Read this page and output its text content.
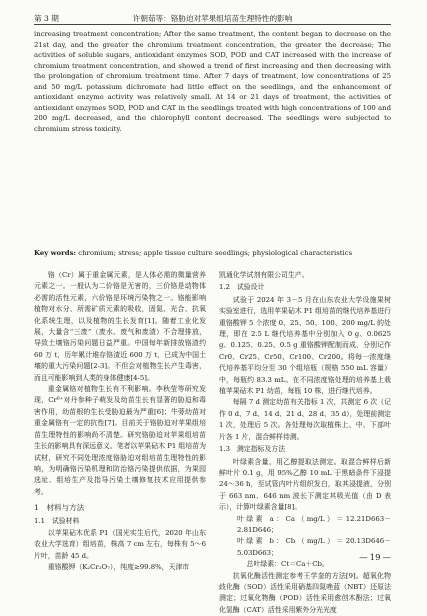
第 3 期	许朝茹等：铬胁迫对苹果组培苗生理特性的影响

increasing treatment concentration; After the same treatment, the content began to decrease on the 21st day, and the greater the chromium treatment concentration, the greater the decrease; The activities of soluble sugars, antioxidant enzymes SOD, POD and CAT increased with the increase of chromium treatment concentration, and showed a trend of first increasing and then decreasing with the prolongation of chromium treatment time. After 7 days of treatment, low concentrations of 25 and 50 mg/L potassium dichromate had little effect on the seedlings, and the enhancement of antioxidant enzyme activity was relatively small. At 14 or 21 days of treatment, the activities of antioxidant enzymes SOD, POD and CAT in the seedlings treated with high concentrations of 100 and 200 mg/L decreased, and the chlorophyll content decreased. The seedlings were subjected to chromium stress toxicity.

Key words: chromium; stress; apple tissue culture seedlings; physiological characteristics

铬（Cr）属于重金属元素，是人体必需的微量营养元素之一。一般认为二价铬是无害的，三价铬是动物体必需的活性元素，六价铬是环境污染物之一。铬能影响植物对水分、所需矿质元素的吸收，固氮、光合、抗氧化系统生理，以及植物的生长发育[1]。随着工业化发展，大量含“三废”（废水、废气和废渣）不合理排放，导致土壤铬污染问题日益严重。中国每年新排放铬渣约 60 万 t，历年累计堆存铬渣近 600 万 t，已成为中国土壤的重大污染问题[2-3]。不但会对植物生长产生毒害，而且可能影响到人类的身体健康[4-5]。

重金属铬对植物生长有不利影响。李秋莹等研究发现，Cr⁶⁺对丹参种子萌发及幼苗生长有显著的胁迫和毒害作用，幼苗根的生长受胁迫最为严重[6]；牛蒡幼苗对重金属铬有一定的抗性[7]。目前关于铬胁迫对苹果组培苗生理特性的影响尚不清楚。研究铬胁迫对苹果组培苗生长的影响具有深远意义。笔者以苹果砧木 P1 组培苗为试材，研究不同处理浓度铬胁迫对组培苗生理特性的影响，为明确铬污染机理和防治铬污染提供依据，为果园选址、组培生产及指导污染土壤修复技术应用提供参考。

1　材料与方法

1.1　试验材料

以苹果砧木优系 P1（国光实生后代，2020 年山东农业大学选育）组培苗，株高 7 cm 左右，每株有 5～6 片叶，苗龄 45 d。

重铬酸钾（K₂Cr₂O₇），纯度≥99.8%，天津市

凯通化学试剂有限公司生产。

1.2　试验设计

试验于 2024 年 3－5 月在山东农业大学设施果树实验室进行，选用苹果砧木 P1 组培苗的继代培养基进行重铬酸钾 5 个浓度 0、25、50、100、200 mg/L 的处理，即在 2.5 L 继代培养基中分别加入 0 g、0.0625 g、0.125、0.25、0.5 g 重铬酸钾配制而成，分别记作 Cr0、Cr25、Cr50、Cr100、Cr200。将每一浓度继代培养基平均分至 30 个组培瓶（规格 550 mL 容量）中，每瓶约 83.3 mL。在不同浓度铬处理的培养基上栽植苹果砧木 P1 幼苗，每瓶 10 株，进行继代培养。

每隔 7 d 测定幼苗有关指标 1 次，共测定 6 次（记作 0 d、7 d、14 d、21 d、28 d、35 d），处理前测定 1 次，处理后 5 次。各处理每次取植株上、中、下部叶片各 1 片，混合鲜样待测。

1.3　测定指标及方法

叶绿素含量，用乙醇提取法测定。取混合鲜样后新鲜叶片 0.1 g，用 95%乙醇 10 mL 于黑暗条件下浸提 24～36 h，至试管内叶片组织发白，取其浸提液，分别于 663 nm、646 nm 波长下测定其吸光值（由 D 表示），计算叶绿素含量[8]。

叶绿素 a：Ca（mg/L）＝12.21D663－2.81D646；

叶绿素 b：Cb（mg/L）＝20.13D646－5.03D663；

总叶绿素：Ct＝Ca＋Cb。

抗氧化酶活性测定参考王学奎的方法[9]。超氧化物歧化酶（SOD）活性采用硝基四氮唑蓝（NBT）还原法测定；过氧化物酶（POD）活性采用愈创木酚法；过氧化氢酶（CAT）活性采用紫外分光光度

— 19 —
